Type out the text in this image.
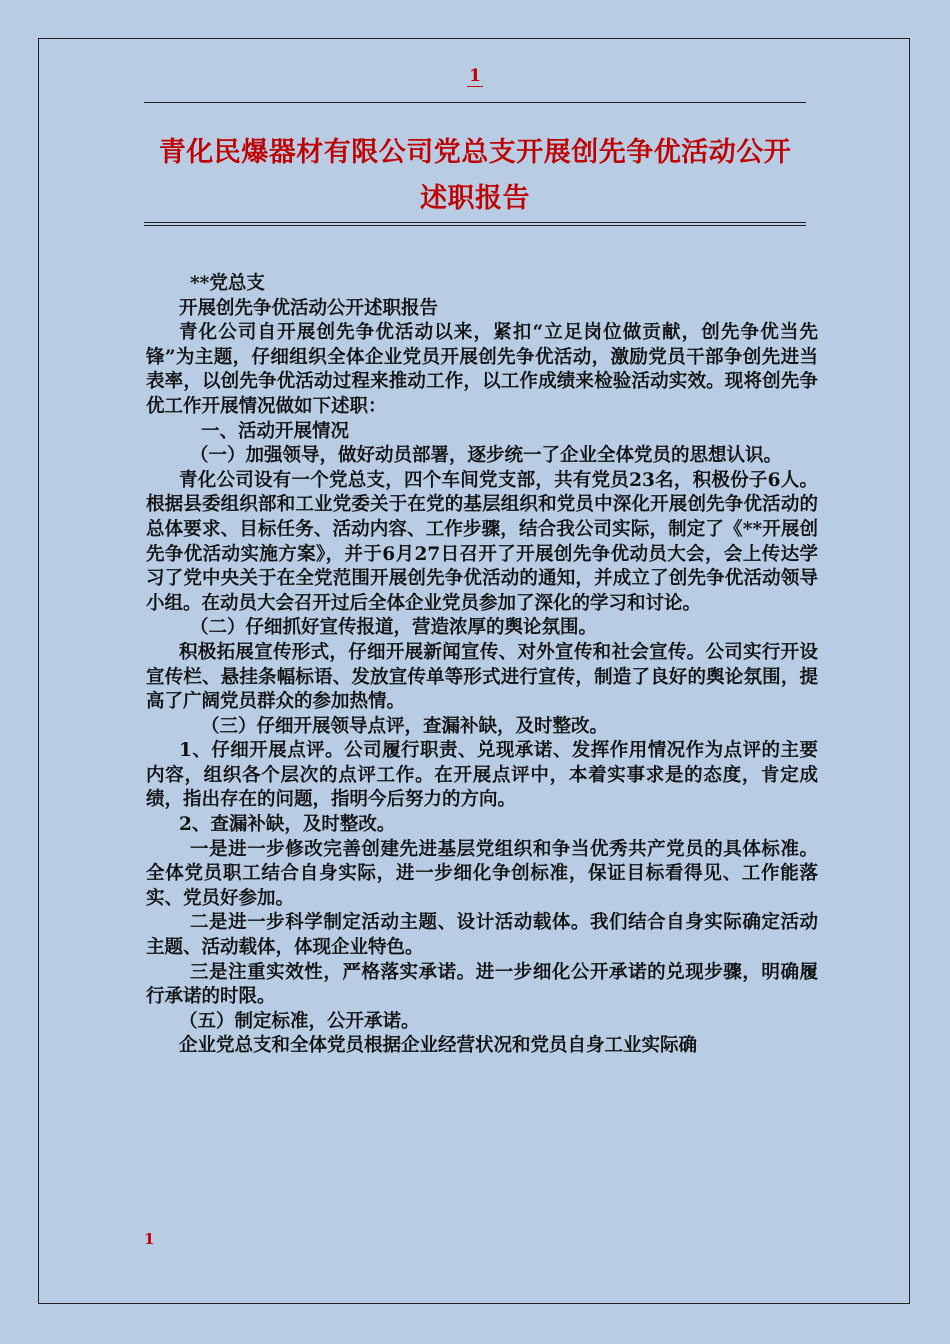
1
青化民爆器材有限公司党总支开展创先争优活动公开
述职报告

**党总支

开展创先争优活动公开述职报告

青化公司自开展创先争优活动以来，紧扣“立足岗位做贡献，创先争优当先锋”为主题，仔细组织全体企业党员开展创先争优活动，激励党员干部争创先进当表率，以创先争优活动过程来推动工作，以工作成绩来检验活动实效。现将创先争优工作开展情况做如下述职：

一、活动开展情况

（一）加强领导，做好动员部署，逐步统一了企业全体党员的思想认识。

青化公司设有一个党总支，四个车间党支部，共有党员23名，积极份子6人。根据县委组织部和工业党委关于在党的基层组织和党员中深化开展创先争优活动的总体要求、目标任务、活动内容、工作步骤，结合我公司实际，制定了《**开展创先争优活动实施方案》，并于6月27日召开了开展创先争优动员大会，会上传达学习了党中央关于在全党范围开展创先争优活动的通知，并成立了创先争优活动领导小组。在动员大会召开过后全体企业党员参加了深化的学习和讨论。

（二）仔细抓好宣传报道，营造浓厚的舆论氛围。

积极拓展宣传形式，仔细开展新闻宣传、对外宣传和社会宣传。公司实行开设宣传栏、悬挂条幅标语、发放宣传单等形式进行宣传，制造了良好的舆论氛围，提高了广阔党员群众的参加热情。

（三）仔细开展领导点评，查漏补缺，及时整改。

1、仔细开展点评。公司履行职责、兑现承诺、发挥作用情况作为点评的主要内容，组织各个层次的点评工作。在开展点评中，本着实事求是的态度，肯定成绩，指出存在的问题，指明今后努力的方向。

2、查漏补缺，及时整改。

一是进一步修改完善创建先进基层党组织和争当优秀共产党员的具体标准。全体党员职工结合自身实际，进一步细化争创标准，保证目标看得见、工作能落实、党员好参加。

二是进一步科学制定活动主题、设计活动载体。我们结合自身实际确定活动主题、活动载体，体现企业特色。

三是注重实效性，严格落实承诺。进一步细化公开承诺的兑现步骤，明确履行承诺的时限。

（五）制定标准，公开承诺。

企业党总支和全体党员根据企业经营状况和党员自身工业实际确

1
